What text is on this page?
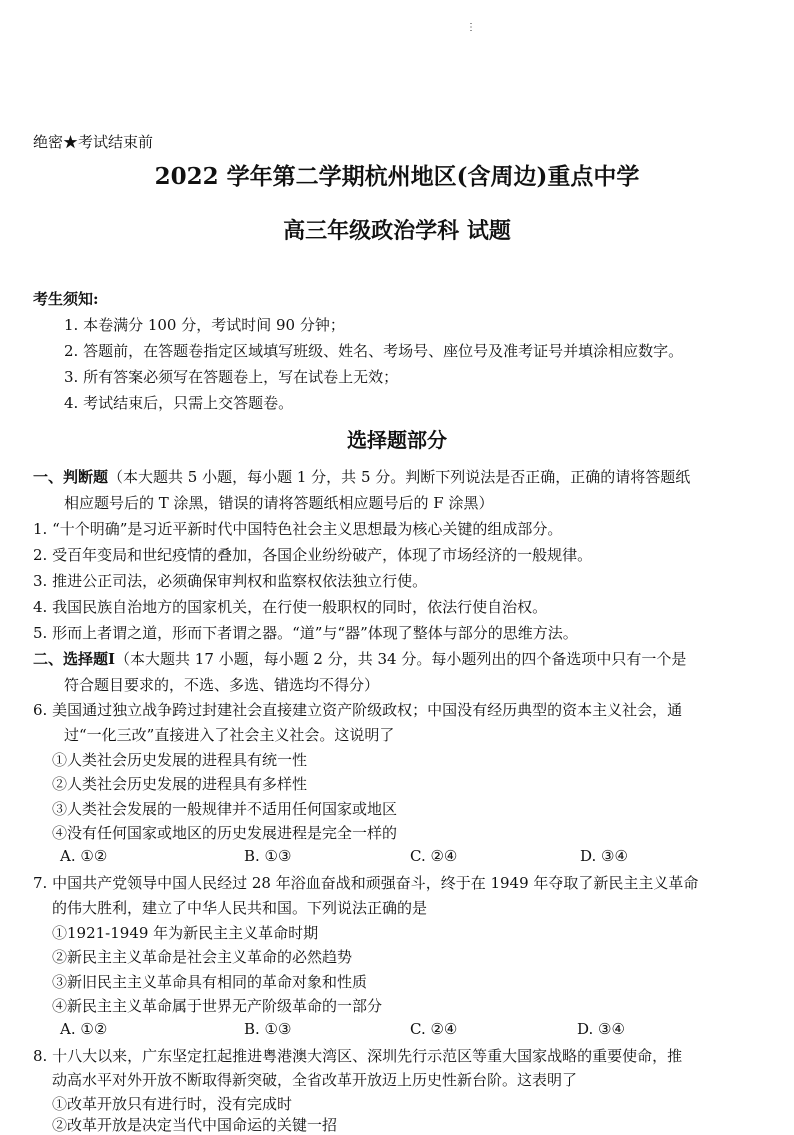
⋮
绝密★考试结束前
2022 学年第二学期杭州地区(含周边)重点中学
高三年级政治学科 试题
考生须知:
1. 本卷满分 100 分，考试时间 90 分钟；
2. 答题前，在答题卷指定区域填写班级、姓名、考场号、座位号及准考证号并填涂相应数字。
3. 所有答案必须写在答题卷上，写在试卷上无效；
4. 考试结束后，只需上交答题卷。
选择题部分
一、判断题（本大题共 5 小题，每小题 1 分，共 5 分。判断下列说法是否正确，正确的请将答题纸
相应题号后的 T 涂黑，错误的请将答题纸相应题号后的 F 涂黑）
1. “十个明确”是习近平新时代中国特色社会主义思想最为核心关键的组成部分。
2. 受百年变局和世纪疫情的叠加，各国企业纷纷破产，体现了市场经济的一般规律。
3. 推进公正司法，必须确保审判权和监察权依法独立行使。
4. 我国民族自治地方的国家机关，在行使一般职权的同时，依法行使自治权。
5. 形而上者谓之道，形而下者谓之器。“道”与“器”体现了整体与部分的思维方法。
二、选择题Ⅰ（本大题共 17 小题，每小题 2 分，共 34 分。每小题列出的四个备选项中只有一个是
符合题目要求的，不选、多选、错选均不得分）
6. 美国通过独立战争跨过封建社会直接建立资产阶级政权；中国没有经历典型的资本主义社会，通
过“一化三改”直接进入了社会主义社会。这说明了
①人类社会历史发展的进程具有统一性
②人类社会历史发展的进程具有多样性
③人类社会发展的一般规律并不适用任何国家或地区
④没有任何国家或地区的历史发展进程是完全一样的
A. ①②	B. ①③	C. ②④	D. ③④
7. 中国共产党领导中国人民经过 28 年浴血奋战和顽强奋斗，终于在 1949 年夺取了新民主主义革命
的伟大胜利，建立了中华人民共和国。下列说法正确的是
①1921-1949 年为新民主主义革命时期
②新民主主义革命是社会主义革命的必然趋势
③新旧民主主义革命具有相同的革命对象和性质
④新民主主义革命属于世界无产阶级革命的一部分
A. ①②	B. ①③	C. ②④	D. ③④
8. 十八大以来，广东坚定扛起推进粤港澳大湾区、深圳先行示范区等重大国家战略的重要使命，推
动高水平对外开放不断取得新突破，全省改革开放迈上历史性新台阶。这表明了
①改革开放只有进行时，没有完成时
②改革开放是决定当代中国命运的关键一招
